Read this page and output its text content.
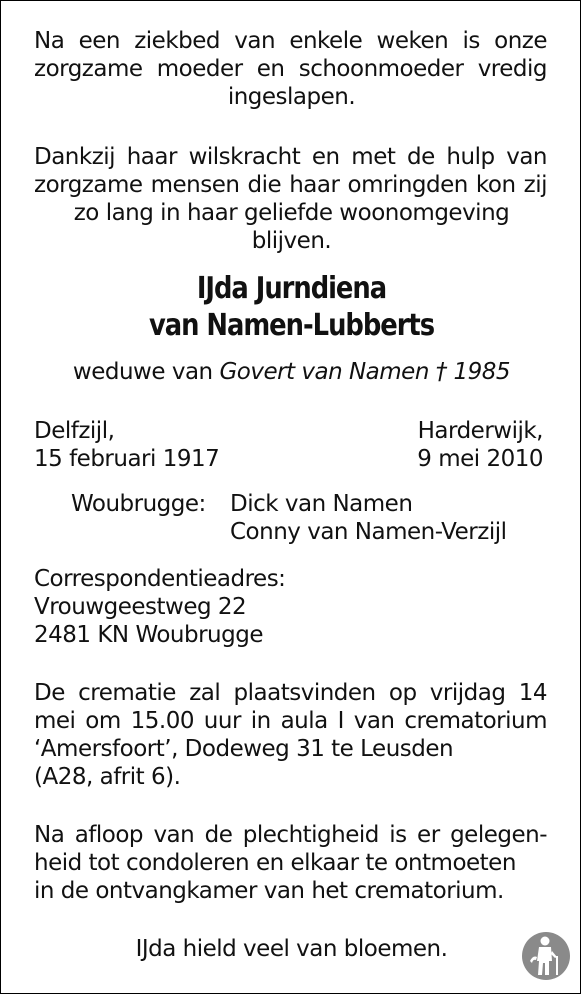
Na een ziekbed van enkele weken is onze
zorgzame moeder en schoonmoeder vredig
ingeslapen.
Dankzij haar wilskracht en met de hulp van
zorgzame mensen die haar omringden kon zij
zo lang in haar geliefde woonomgeving
blijven.
IJda Jurndiena
van Namen-Lubberts
weduwe van Govert van Namen † 1985
Delfzijl,
15 februari 1917
Harderwijk,
9 mei 2010
Woubrugge: Dick van Namen
Conny van Namen-Verzijl
Correspondentieadres:
Vrouwgeestweg 22
2481 KN Woubrugge
De crematie zal plaatsvinden op vrijdag 14
mei om 15.00 uur in aula I van crematorium
‘Amersfoort’, Dodeweg 31 te Leusden
(A28, afrit 6).
Na afloop van de plechtigheid is er gelegen-
heid tot condoleren en elkaar te ontmoeten
in de ontvangkamer van het crematorium.
IJda hield veel van bloemen.
